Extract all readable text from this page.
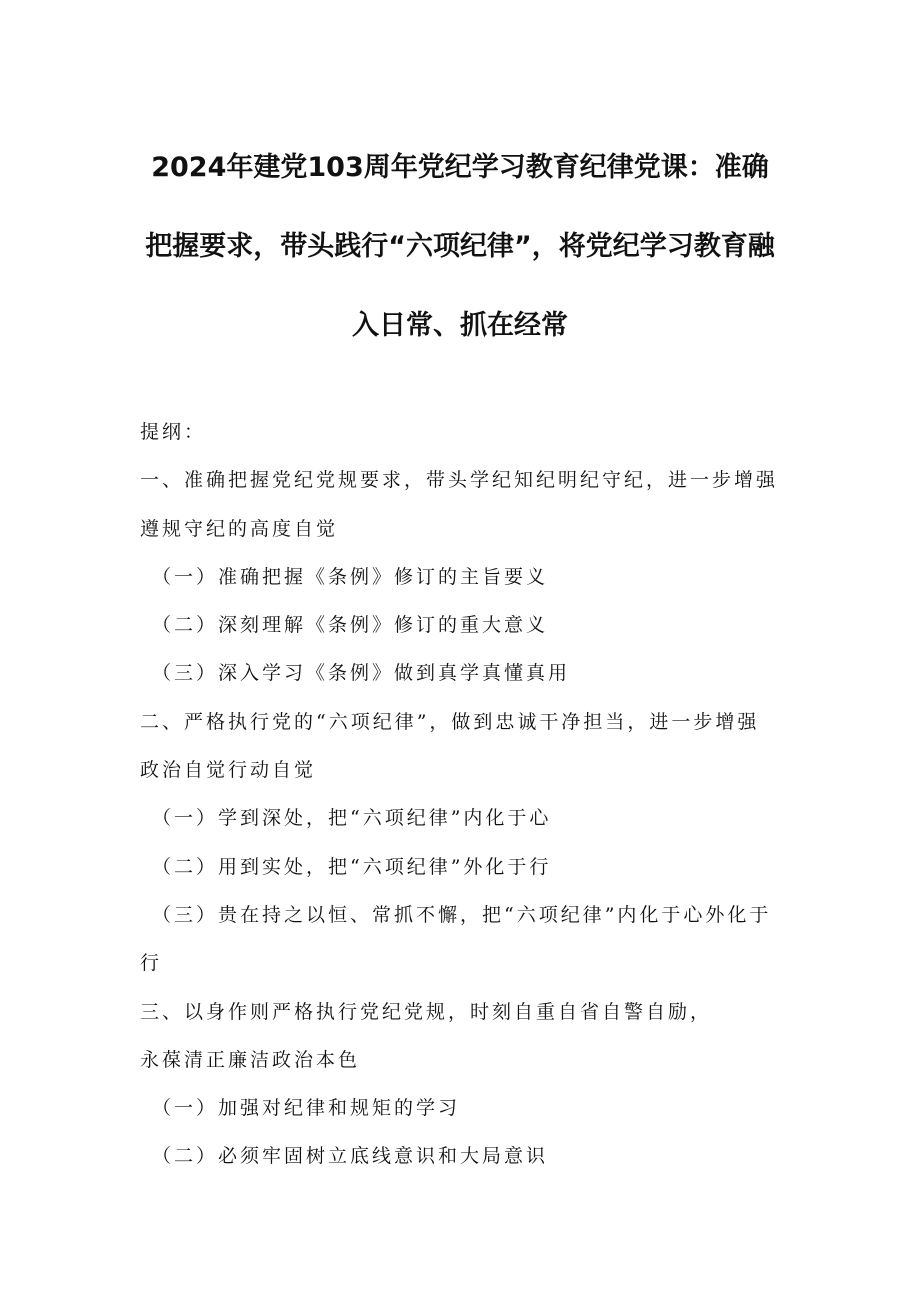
2024年建党103周年党纪学习教育纪律党课：准确
把握要求，带头践行“六项纪律”，将党纪学习教育融
入日常、抓在经常
提纲：
一、准确把握党纪党规要求，带头学纪知纪明纪守纪，进一步增强
遵规守纪的高度自觉
（一）准确把握《条例》修订的主旨要义
（二）深刻理解《条例》修订的重大意义
（三）深入学习《条例》做到真学真懂真用
二、严格执行党的“六项纪律”，做到忠诚干净担当，进一步增强
政治自觉行动自觉
（一）学到深处，把“六项纪律”内化于心
（二）用到实处，把“六项纪律”外化于行
（三）贵在持之以恒、常抓不懈，把“六项纪律”内化于心外化于
行
三、以身作则严格执行党纪党规，时刻自重自省自警自励，
永葆清正廉洁政治本色
（一）加强对纪律和规矩的学习
（二）必须牢固树立底线意识和大局意识
